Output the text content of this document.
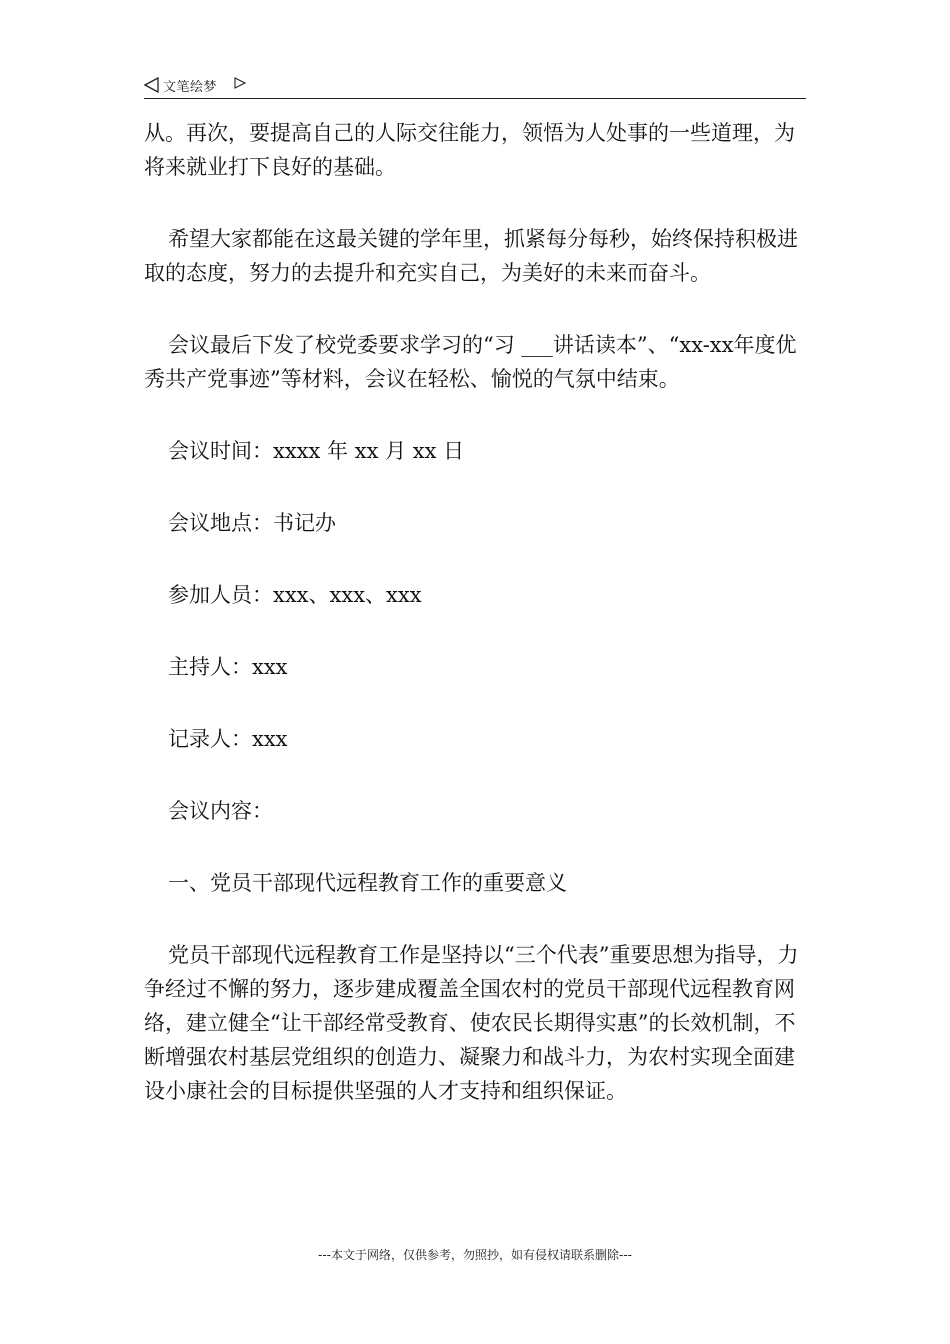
文笔绘梦

从。再次，要提高自己的人际交往能力，领悟为人处事的一些道理，为将来就业打下良好的基础。

希望大家都能在这最关键的学年里，抓紧每分每秒，始终保持积极进取的态度，努力的去提升和充实自己，为美好的未来而奋斗。

会议最后下发了校党委要求学习的“习 ___讲话读本”、“xx-xx年度优秀共产党事迹”等材料，会议在轻松、愉悦的气氛中结束。

会议时间：xxxx 年 xx 月 xx 日

会议地点：书记办

参加人员：xxx、xxx、xxx

主持人：xxx

记录人：xxx

会议内容：

一、党员干部现代远程教育工作的重要意义

党员干部现代远程教育工作是坚持以“三个代表”重要思想为指导，力争经过不懈的努力，逐步建成覆盖全国农村的党员干部现代远程教育网络，建立健全“让干部经常受教育、使农民长期得实惠”的长效机制，不断增强农村基层党组织的创造力、凝聚力和战斗力，为农村实现全面建设小康社会的目标提供坚强的人才支持和组织保证。

---本文于网络，仅供参考，勿照抄，如有侵权请联系删除---
